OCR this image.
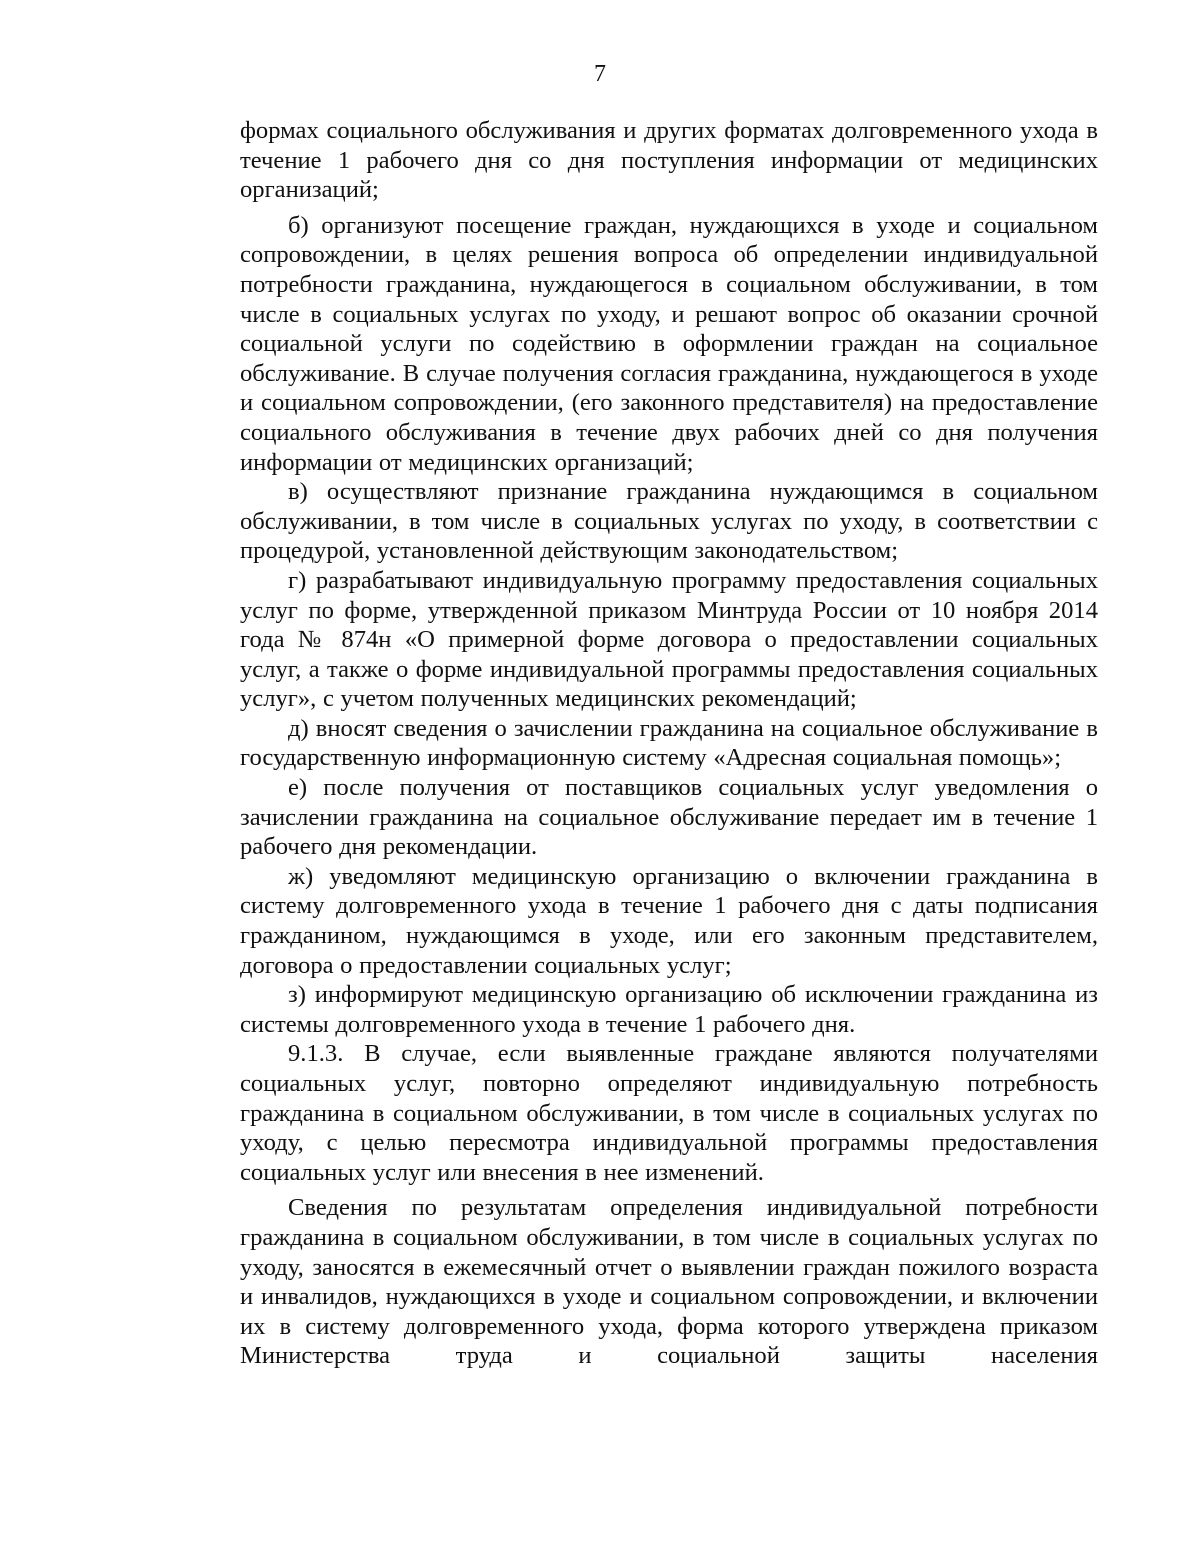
7

формах социального обслуживания и других форматах долговременного ухода в течение 1 рабочего дня со дня поступления информации от медицинских организаций;

б) организуют посещение граждан, нуждающихся в уходе и социальном сопровождении, в целях решения вопроса об определении индивидуальной потребности гражданина, нуждающегося в социальном обслуживании, в том числе в социальных услугах по уходу, и решают вопрос об оказании срочной социальной услуги по содействию в оформлении граждан на социальное обслуживание. В случае получения согласия гражданина, нуждающегося в уходе и социальном сопровождении, (его законного представителя) на предоставление социального обслуживания в течение двух рабочих дней со дня получения информации от медицинских организаций;

в) осуществляют признание гражданина нуждающимся в социальном обслуживании, в том числе в социальных услугах по уходу, в соответствии с процедурой, установленной действующим законодательством;

г) разрабатывают индивидуальную программу предоставления социальных услуг по форме, утвержденной приказом Минтруда России от 10 ноября 2014 года № 874н «О примерной форме договора о предоставлении социальных услуг, а также о форме индивидуальной программы предоставления социальных услуг», с учетом полученных медицинских рекомендаций;

д) вносят сведения о зачислении гражданина на социальное обслуживание в государственную информационную систему «Адресная социальная помощь»;

е) после получения от поставщиков социальных услуг уведомления о зачислении гражданина на социальное обслуживание передает им в течение 1 рабочего дня рекомендации.

ж) уведомляют медицинскую организацию о включении гражданина в систему долговременного ухода в течение 1 рабочего дня с даты подписания гражданином, нуждающимся в уходе, или его законным представителем, договора о предоставлении социальных услуг;

з) информируют медицинскую организацию об исключении гражданина из системы долговременного ухода в течение 1 рабочего дня.

9.1.3. В случае, если выявленные граждане являются получателями социальных услуг, повторно определяют индивидуальную потребность гражданина в социальном обслуживании, в том числе в социальных услугах по уходу, с целью пересмотра индивидуальной программы предоставления социальных услуг или внесения в нее изменений.

Сведения по результатам определения индивидуальной потребности гражданина в социальном обслуживании, в том числе в социальных услугах по уходу, заносятся в ежемесячный отчет о выявлении граждан пожилого возраста и инвалидов, нуждающихся в уходе и социальном сопровождении, и включении их в систему долговременного ухода, форма которого утверждена приказом Министерства труда и социальной защиты населения
